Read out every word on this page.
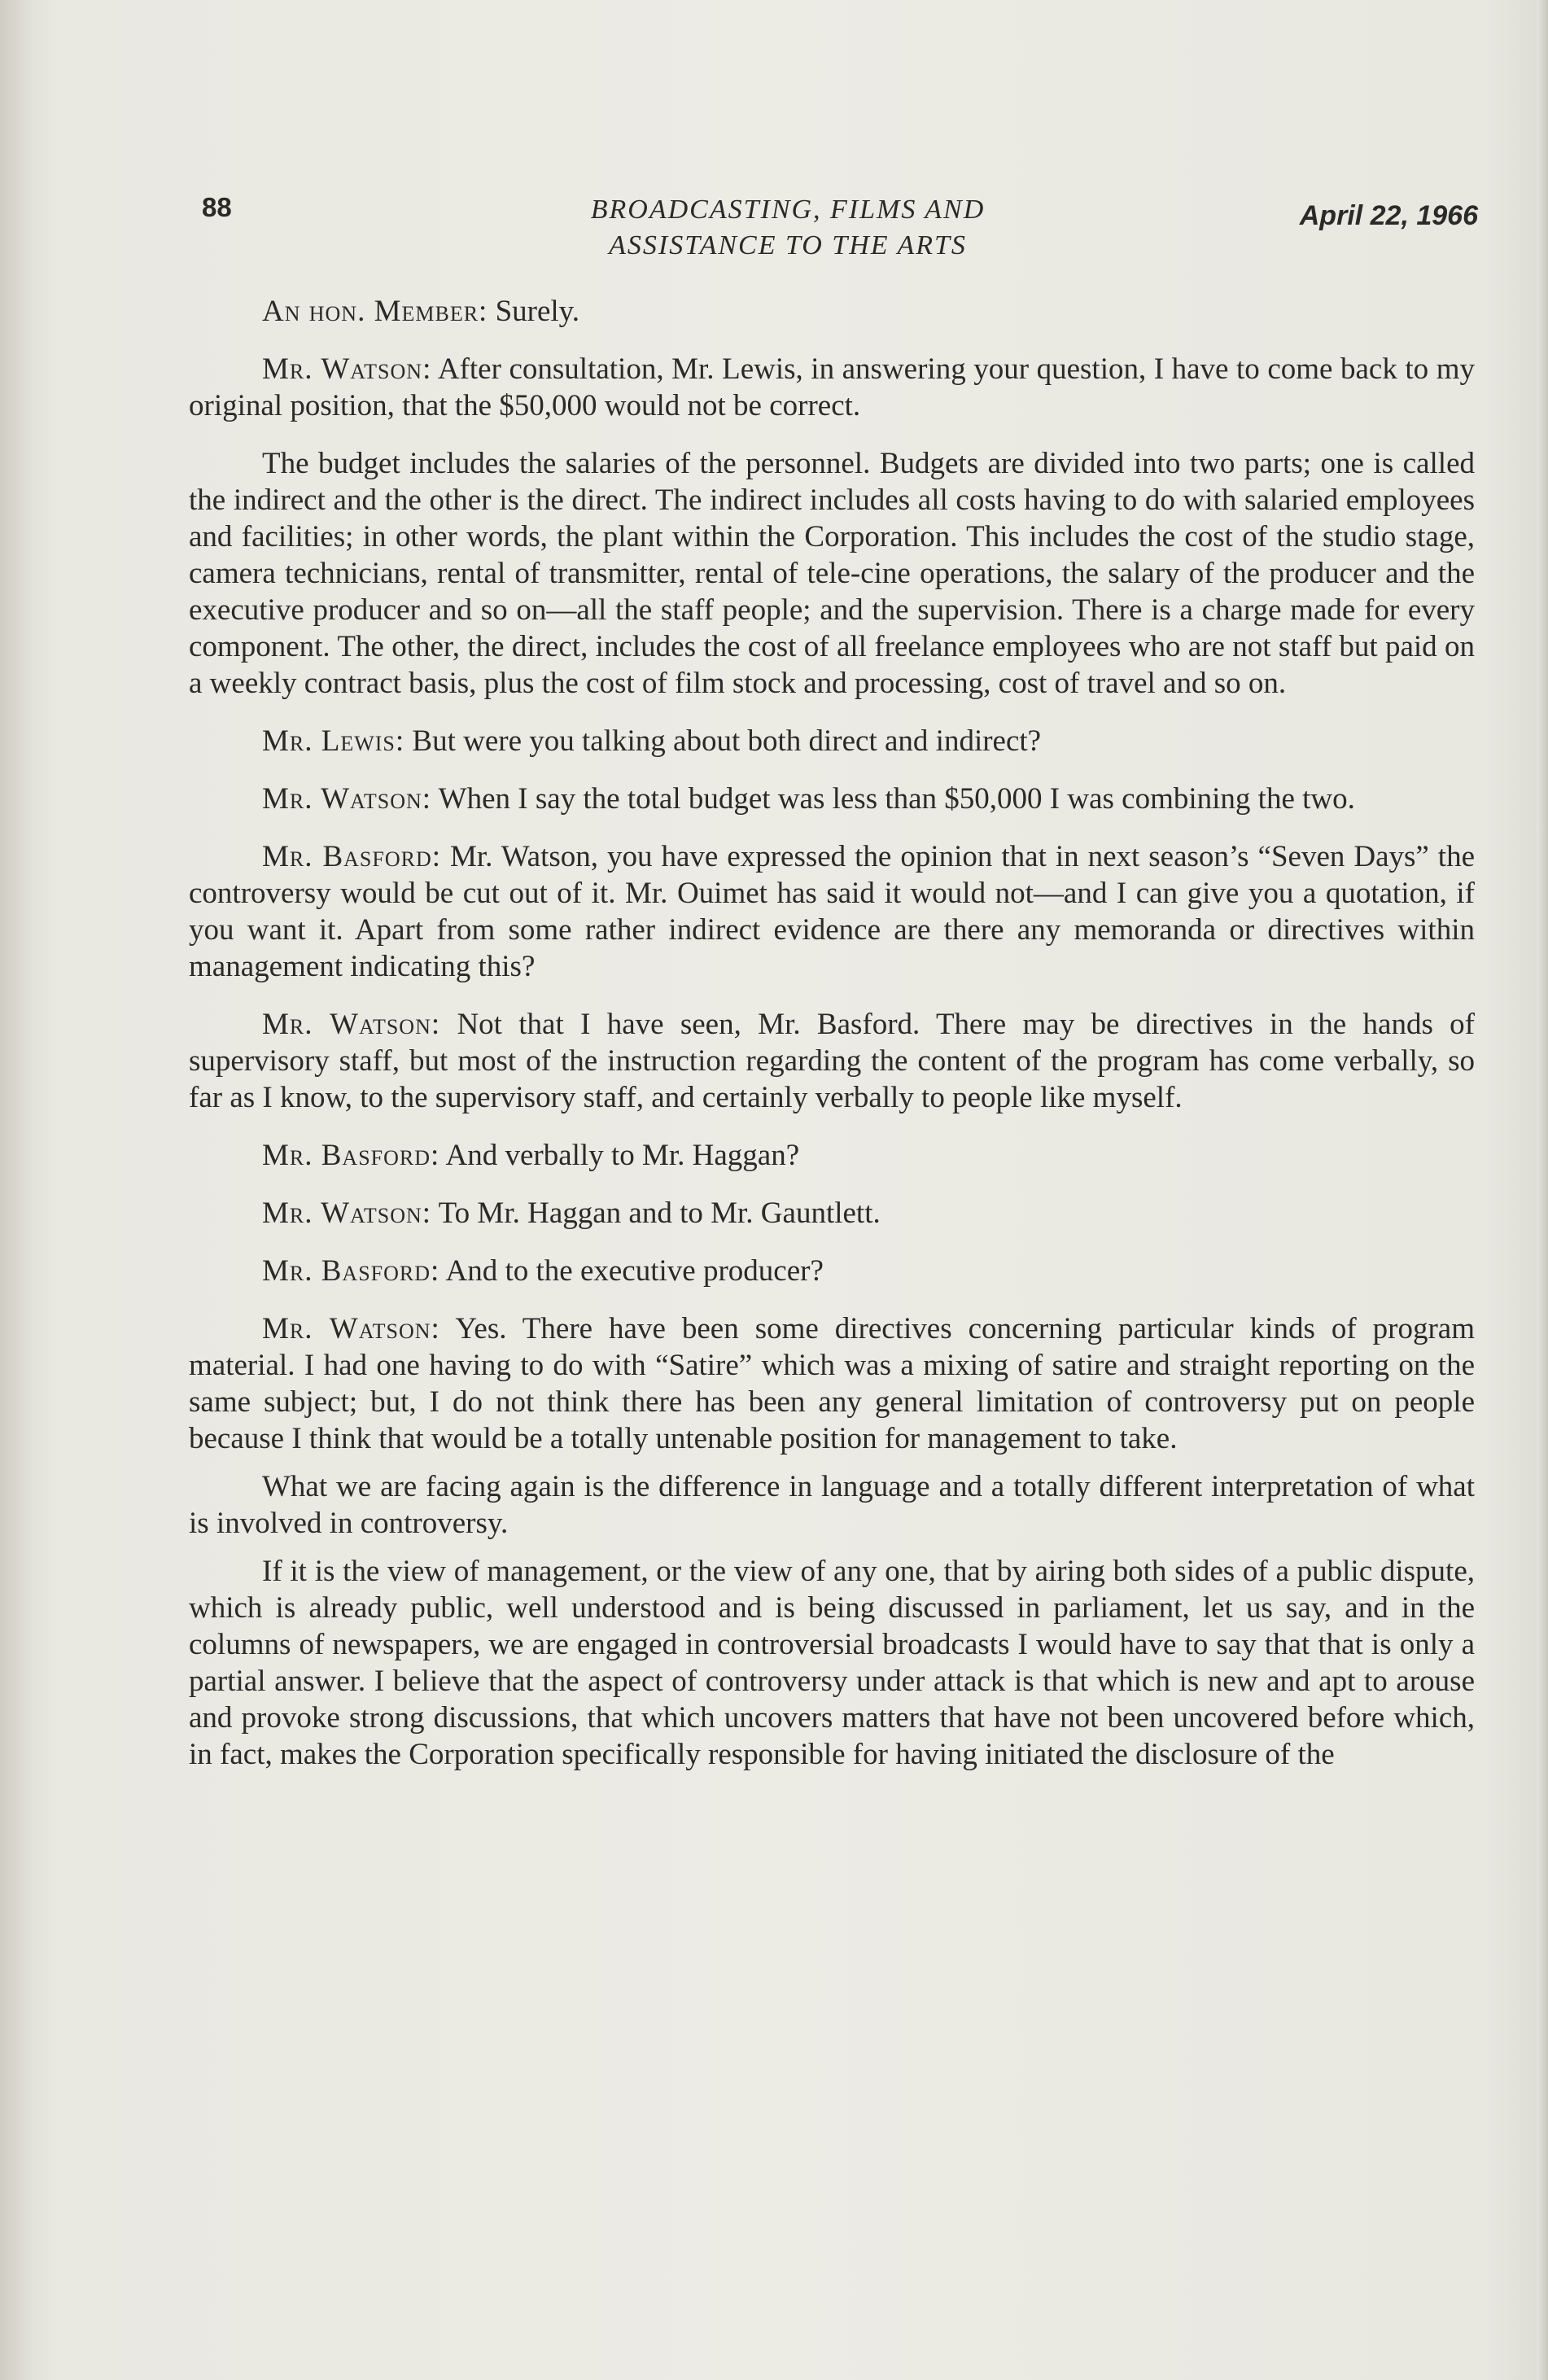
88	BROADCASTING, FILMS AND
ASSISTANCE TO THE ARTS
April 22, 1966

An hon. Member: Surely.

Mr. Watson: After consultation, Mr. Lewis, in answering your question, I have to come back to my original position, that the $50,000 would not be correct.

The budget includes the salaries of the personnel. Budgets are divided into two parts; one is called the indirect and the other is the direct. The indirect includes all costs having to do with salaried employees and facilities; in other words, the plant within the Corporation. This includes the cost of the studio stage, camera technicians, rental of transmitter, rental of tele-cine operations, the salary of the producer and the executive producer and so on—all the staff people; and the supervision. There is a charge made for every component. The other, the direct, includes the cost of all freelance employees who are not staff but paid on a weekly contract basis, plus the cost of film stock and processing, cost of travel and so on.

Mr. Lewis: But were you talking about both direct and indirect?

Mr. Watson: When I say the total budget was less than $50,000 I was combining the two.

Mr. Basford: Mr. Watson, you have expressed the opinion that in next season’s “Seven Days” the controversy would be cut out of it. Mr. Ouimet has said it would not—and I can give you a quotation, if you want it. Apart from some rather indirect evidence are there any memoranda or directives within management indicating this?

Mr. Watson: Not that I have seen, Mr. Basford. There may be directives in the hands of supervisory staff, but most of the instruction regarding the content of the program has come verbally, so far as I know, to the supervisory staff, and certainly verbally to people like myself.

Mr. Basford: And verbally to Mr. Haggan?

Mr. Watson: To Mr. Haggan and to Mr. Gauntlett.

Mr. Basford: And to the executive producer?

Mr. Watson: Yes. There have been some directives concerning particular kinds of program material. I had one having to do with “Satire” which was a mixing of satire and straight reporting on the same subject; but, I do not think there has been any general limitation of controversy put on people because I think that would be a totally untenable position for management to take.

What we are facing again is the difference in language and a totally different interpretation of what is involved in controversy.

If it is the view of management, or the view of any one, that by airing both sides of a public dispute, which is already public, well understood and is being discussed in parliament, let us say, and in the columns of newspapers, we are engaged in controversial broadcasts I would have to say that that is only a partial answer. I believe that the aspect of controversy under attack is that which is new and apt to arouse and provoke strong discussions, that which uncovers matters that have not been uncovered before which, in fact, makes the Corporation specifically responsible for having initiated the disclosure of the
